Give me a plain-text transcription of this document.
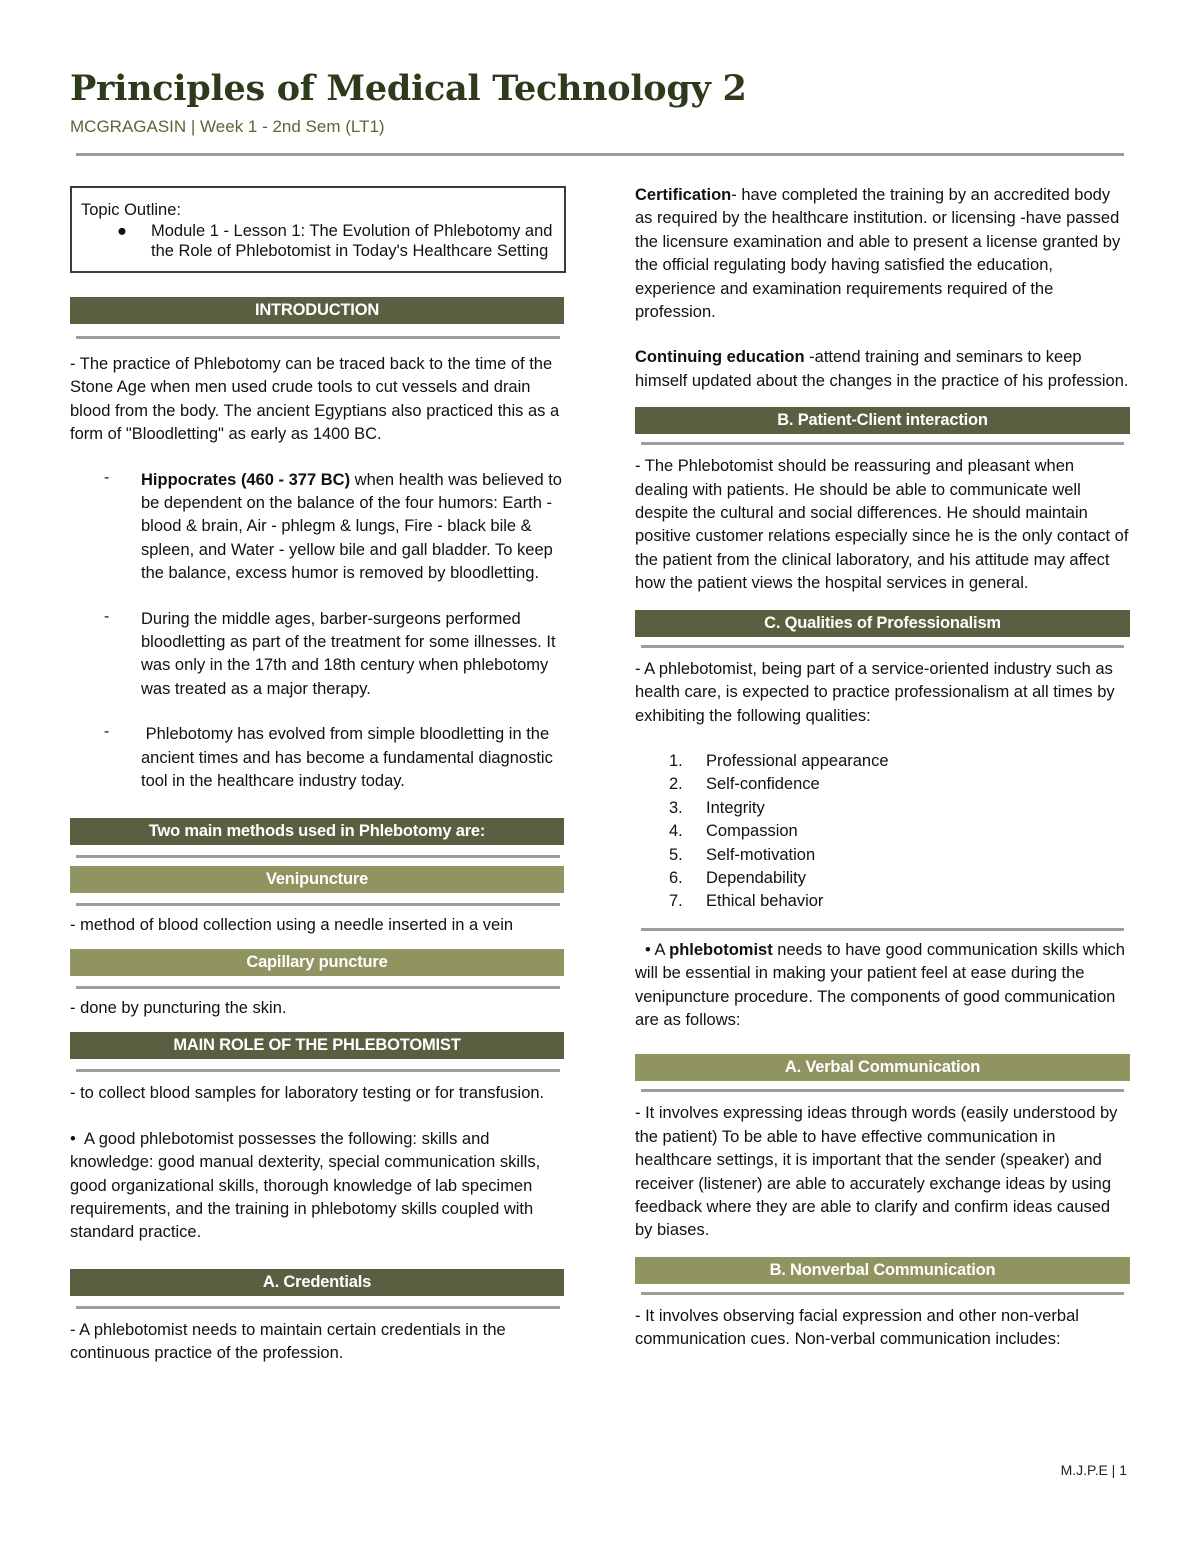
Principles of Medical Technology 2
MCGRAGASIN | Week 1 - 2nd Sem (LT1)
Topic Outline:
● Module 1 - Lesson 1: The Evolution of Phlebotomy and the Role of Phlebotomist in Today's Healthcare Setting
INTRODUCTION

- The practice of Phlebotomy can be traced back to the time of the Stone Age when men used crude tools to cut vessels and drain blood from the body. The ancient Egyptians also practiced this as a form of "Bloodletting" as early as 1400 BC.

- Hippocrates (460 - 377 BC) when health was believed to be dependent on the balance of the four humors: Earth - blood & brain, Air - phlegm & lungs, Fire - black bile & spleen, and Water - yellow bile and gall bladder. To keep the balance, excess humor is removed by bloodletting.

- During the middle ages, barber-surgeons performed bloodletting as part of the treatment for some illnesses. It was only in the 17th and 18th century when phlebotomy was treated as a major therapy.

- Phlebotomy has evolved from simple bloodletting in the ancient times and has become a fundamental diagnostic tool in the healthcare industry today.

Two main methods used in Phlebotomy are:
Venipuncture

- method of blood collection using a needle inserted in a vein

Capillary puncture

- done by puncturing the skin.

MAIN ROLE OF THE PHLEBOTOMIST

- to collect blood samples for laboratory testing or for transfusion.

•  A good phlebotomist possesses the following: skills and knowledge: good manual dexterity, special communication skills, good organizational skills, thorough knowledge of lab specimen requirements, and the training in phlebotomy skills coupled with standard practice.

A. Credentials

- A phlebotomist needs to maintain certain credentials in the continuous practice of the profession.

Certification- have completed the training by an accredited body as required by the healthcare institution. or licensing -have passed the licensure examination and able to present a license granted by the official regulating body having satisfied the education, experience and examination requirements required of the profession.

Continuing education -attend training and seminars to keep himself updated about the changes in the practice of his profession.

B. Patient-Client interaction

- The Phlebotomist should be reassuring and pleasant when dealing with patients. He should be able to communicate well despite the cultural and social differences. He should maintain positive customer relations especially since he is the only contact of the patient from the clinical laboratory, and his attitude may affect how the patient views the hospital services in general.

C. Qualities of Professionalism

- A phlebotomist, being part of a service-oriented industry such as health care, is expected to practice professionalism at all times by exhibiting the following qualities:

1.	Professional appearance
2.	Self-confidence
3.	Integrity
4.	Compassion
5.	Self-motivation
6.	Dependability
7.	Ethical behavior

• A phlebotomist needs to have good communication skills which will be essential in making your patient feel at ease during the venipuncture procedure. The components of good communication are as follows:

A. Verbal Communication

- It involves expressing ideas through words (easily understood by the patient) To be able to have effective communication in healthcare settings, it is important that the sender (speaker) and receiver (listener) are able to accurately exchange ideas by using feedback where they are able to clarify and confirm ideas caused by biases.

B. Nonverbal Communication

- It involves observing facial expression and other non-verbal communication cues. Non-verbal communication includes:

M.J.P.E | 1
